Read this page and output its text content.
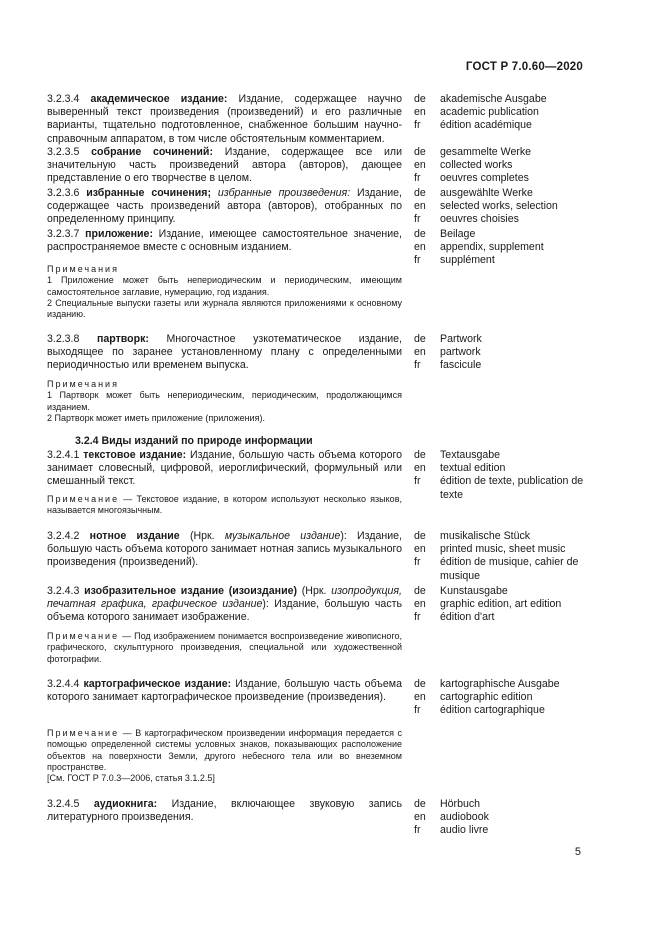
ГОСТ Р 7.0.60—2020
3.2.3.4 академическое издание: Издание, содержащее научно выверенный текст произведения (произведений) и его различные варианты, тщательно подготовленное, снабженное большим научно-справочным аппаратом, в том числе обстоятельным комментарием.
de	akademische Ausgabe
en	academic publication
fr	édition académique
3.2.3.5 собрание сочинений: Издание, содержащее все или значительную часть произведений автора (авторов), дающее представление о его творчестве в целом.
de	gesammelte Werke
en	collected works
fr	oeuvres completes
3.2.3.6 избранные сочинения; избранные произведения: Издание, содержащее часть произведений автора (авторов), отобранных по определенному принципу.
de	ausgewählte Werke
en	selected works, selection
fr	oeuvres choisies
3.2.3.7 приложение: Издание, имеющее самостоятельное значение, распространяемое вместе с основным изданием.
de	Beilage
en	appendix, supplement
fr	supplément
Примечания
1 Приложение может быть непериодическим и периодическим, имеющим самостоятельное заглавие, нумерацию, год издания.
2 Специальные выпуски газеты или журнала являются приложениями к основному изданию.
3.2.3.8 партворк: Многочастное узкотематическое издание, выходящее по заранее установленному плану с определенными периодичностью или временем выпуска.
de	Partwork
en	partwork
fr	fascicule
Примечания
1 Партворк может быть непериодическим, периодическим, продолжающимся изданием.
2 Партворк может иметь приложение (приложения).
3.2.4 Виды изданий по природе информации
3.2.4.1 текстовое издание: Издание, большую часть объема которого занимает словесный, цифровой, иероглифический, формульный или смешанный текст.
de	Textausgabe
en	textual edition
fr	édition de texte, publication de texte
Примечание — Текстовое издание, в котором используют несколько языков, называется многоязычным.
3.2.4.2 нотное издание (Нрк. музыкальное издание): Издание, большую часть объема которого занимает нотная запись музыкального произведения (произведений).
de	musikalische Stück
en	printed music, sheet music
fr	édition de musique, cahier de musique
3.2.4.3 изобразительное издание (изоиздание) (Нрк. изопродукция, печатная графика, графическое издание): Издание, большую часть объема которого занимает изображение.
de	Kunstausgabe
en	graphic edition, art edition
fr	édition d'art
Примечание — Под изображением понимается воспроизведение живописного, графического, скульптурного произведения, специальной или художественной фотографии.
3.2.4.4 картографическое издание: Издание, большую часть объема которого занимает картографическое произведение (произведения).
de	kartographische Ausgabe
en	cartographic edition
fr	édition cartographique
Примечание — В картографическом произведении информация передается с помощью определенной системы условных знаков, показывающих расположение объектов на поверхности Земли, другого небесного тела или во внеземном пространстве.
[См. ГОСТ Р 7.0.3—2006, статья 3.1.2.5]
3.2.4.5 аудиокнига: Издание, включающее звуковую запись литературного произведения.
de	Hörbuch
en	audiobook
fr	audio livre
5
